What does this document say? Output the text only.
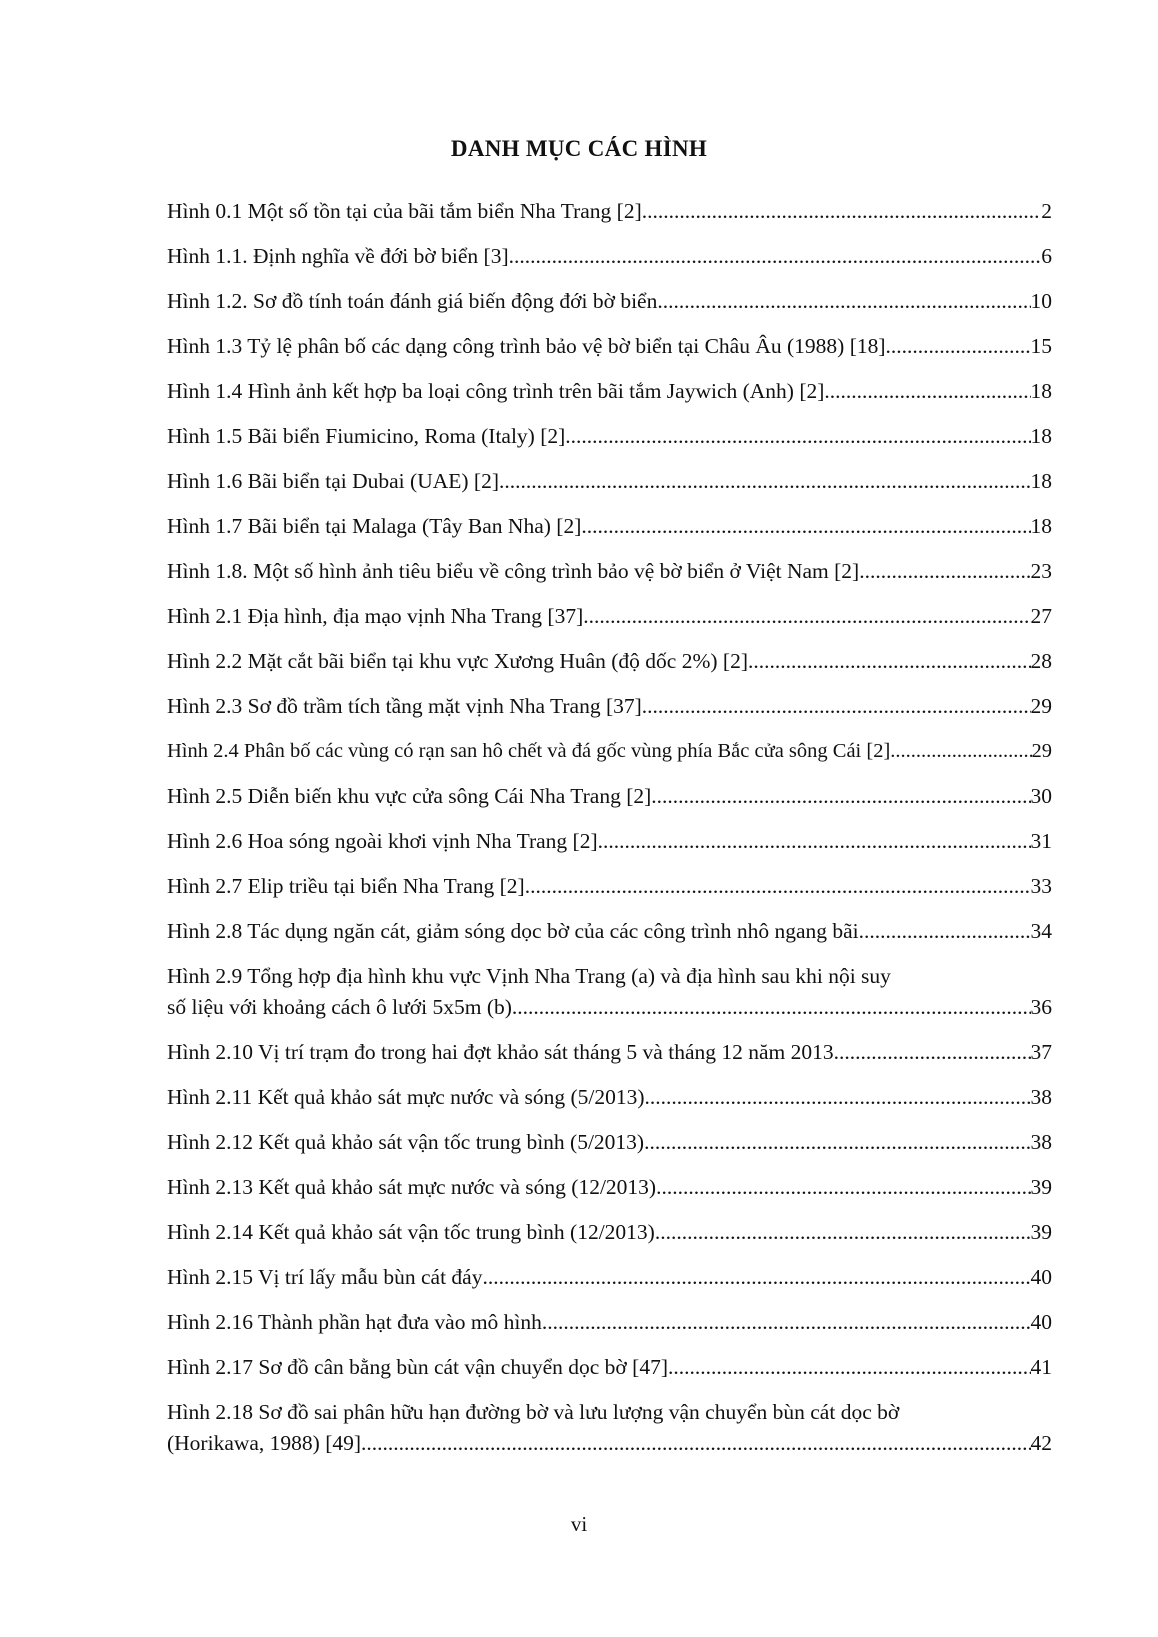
DANH MỤC CÁC HÌNH
Hình 0.1 Một số tồn tại của bãi tắm biển Nha Trang [2] .....	2
Hình 1.1. Định nghĩa về đới bờ biển [3] .....	6
Hình 1.2. Sơ đồ tính toán đánh giá biến động đới bờ biển .....	10
Hình 1.3 Tỷ lệ phân bố các dạng công trình bảo vệ bờ biển tại Châu Âu (1988) [18] .....	15
Hình 1.4 Hình ảnh kết hợp ba loại công trình trên bãi tắm Jaywich (Anh) [2] .....	18
Hình 1.5 Bãi biển Fiumicino, Roma (Italy) [2] .....	18
Hình 1.6 Bãi biển tại Dubai (UAE) [2] .....	18
Hình 1.7 Bãi biển tại Malaga (Tây Ban Nha) [2] .....	18
Hình 1.8. Một số hình ảnh tiêu biểu về công trình bảo vệ bờ biển ở Việt Nam [2] .....	23
Hình 2.1 Địa hình, địa mạo vịnh Nha Trang [37] .....	27
Hình 2.2 Mặt cắt bãi biển tại khu vực Xương Huân (độ dốc 2%) [2] .....	28
Hình 2.3 Sơ đồ trầm tích tầng mặt vịnh Nha Trang [37]. .....	29
Hình 2.4 Phân bố các vùng có rạn san hô chết và đá gốc vùng phía Bắc cửa sông Cái [2] .....	29
Hình 2.5 Diễn biến khu vực cửa sông Cái Nha Trang [2] .....	30
Hình 2.6 Hoa sóng ngoài khơi vịnh Nha Trang [2] .....	31
Hình 2.7 Elip triều tại biển Nha Trang [2] .....	33
Hình 2.8 Tác dụng ngăn cát, giảm sóng dọc bờ của các công trình nhô ngang bãi. .....	34
Hình 2.9 Tổng hợp địa hình khu vực Vịnh Nha Trang (a) và địa hình sau khi nội suy
số liệu với khoảng cách ô lưới 5x5m (b) .....	36
Hình 2.10 Vị trí trạm đo trong hai đợt khảo sát tháng 5 và tháng 12 năm 2013 .....	37
Hình 2.11 Kết quả khảo sát mực nước và sóng (5/2013) .....	38
Hình 2.12 Kết quả khảo sát vận tốc trung bình (5/2013). .....	38
Hình 2.13 Kết quả khảo sát mực nước và sóng (12/2013). .....	39
Hình 2.14 Kết quả khảo sát vận tốc trung bình (12/2013). .....	39
Hình 2.15 Vị trí lấy mẫu bùn cát đáy .....	40
Hình 2.16 Thành phần hạt đưa vào mô hình .....	40
Hình 2.17 Sơ đồ cân bằng bùn cát vận chuyển dọc bờ [47] .....	41
Hình 2.18 Sơ đồ sai phân hữu hạn đường bờ và lưu lượng vận chuyển bùn cát dọc bờ
(Horikawa, 1988) [49] .....	42
vi
